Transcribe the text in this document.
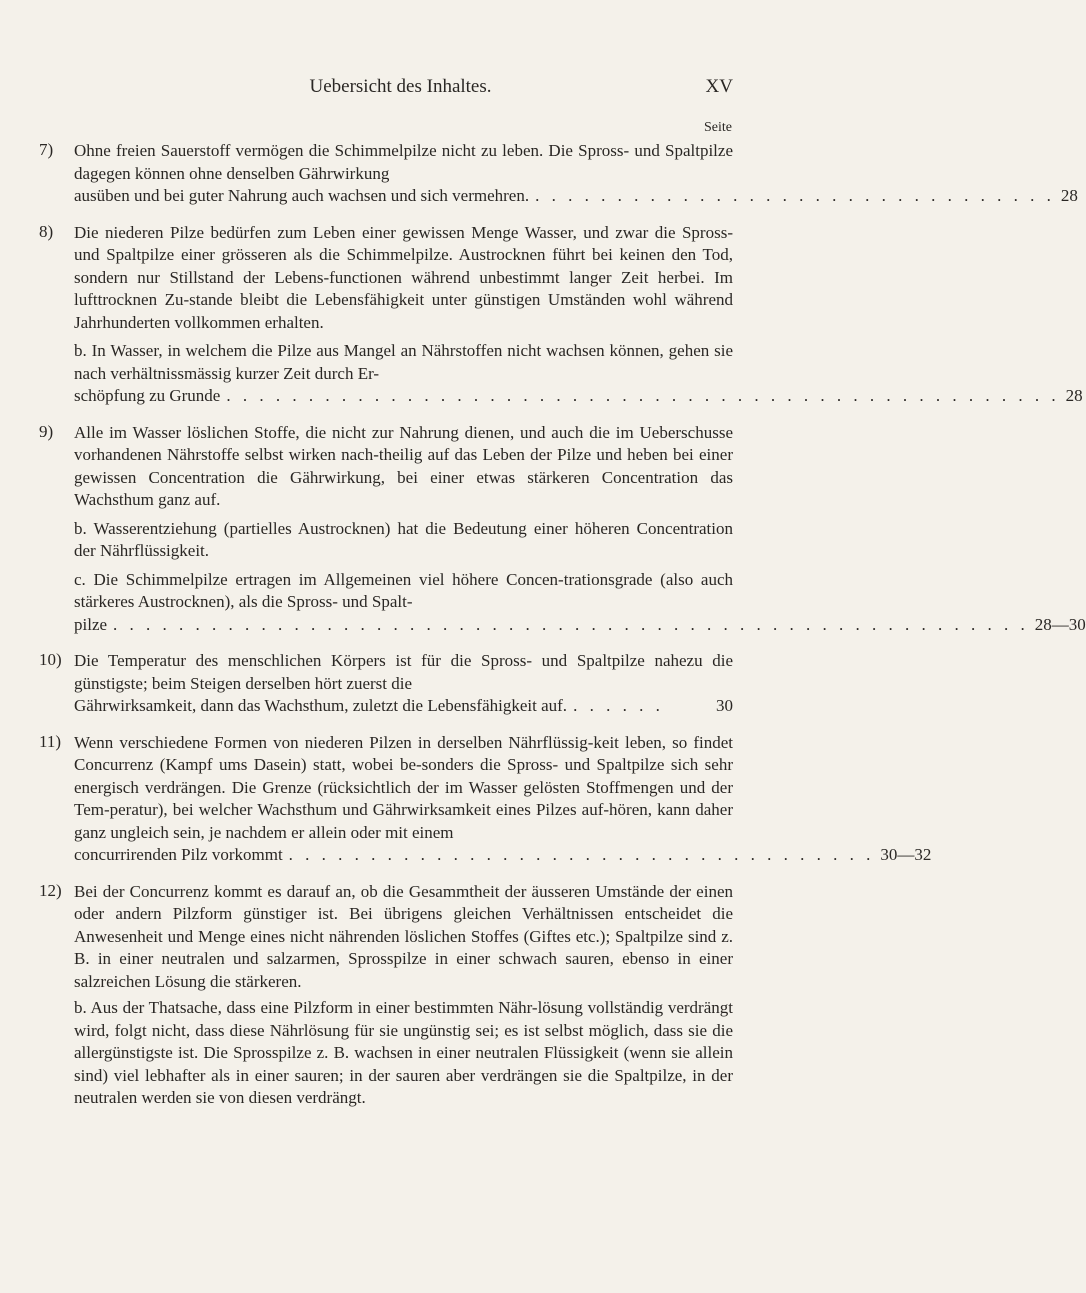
Uebersicht des Inhaltes.	XV
Seite
7) Ohne freien Sauerstoff vermögen die Schimmelpilze nicht zu leben. Die Spross- und Spaltpilze dagegen können ohne denselben Gährwirkung
ausüben und bei guter Nahrung auch wachsen und sich vermehren. . . . . . . . . . . . . . . . . . . . . . . . . . . . . . . . . 28
8) Die niederen Pilze bedürfen zum Leben einer gewissen Menge Wasser, und zwar die Spross- und Spaltpilze einer grösseren als die Schimmelpilze. Austrocknen führt bei keinen den Tod, sondern nur Stillstand der Lebens-functionen während unbestimmt langer Zeit herbei. Im lufttrocknen Zu-stande bleibt die Lebensfähigkeit unter günstigen Umständen wohl während Jahrhunderten vollkommen erhalten.
b. In Wasser, in welchem die Pilze aus Mangel an Nährstoffen nicht wachsen können, gehen sie nach verhältnissmässig kurzer Zeit durch Er-
schöpfung zu Grunde . . . . . . . . . . . . . . . . . . . . . . . . . . . . . . . . . . . . . . . . . . . . . . . . . . . 28
9) Alle im Wasser löslichen Stoffe, die nicht zur Nahrung dienen, und auch die im Ueberschusse vorhandenen Nährstoffe selbst wirken nach-theilig auf das Leben der Pilze und heben bei einer gewissen Concentration die Gährwirkung, bei einer etwas stärkeren Concentration das Wachsthum ganz auf.
b. Wasserentziehung (partielles Austrocknen) hat die Bedeutung einer höheren Concentration der Nährflüssigkeit.
c. Die Schimmelpilze ertragen im Allgemeinen viel höhere Concen-trationsgrade (also auch stärkeres Austrocknen), als die Spross- und Spalt-
pilze . . . . . . . . . . . . . . . . . . . . . . . . . . . . . . . . . . . . . . . . . . . . . . . . . . . . . . . . 28—30
10) Die Temperatur des menschlichen Körpers ist für die Spross- und Spaltpilze nahezu die günstigste; beim Steigen derselben hört zuerst die
Gährwirksamkeit, dann das Wachsthum, zuletzt die Lebensfähigkeit auf. . . . . . .	30
11) Wenn verschiedene Formen von niederen Pilzen in derselben Nährflüssig-keit leben, so findet Concurrenz (Kampf ums Dasein) statt, wobei be-sonders die Spross- und Spaltpilze sich sehr energisch verdrängen. Die Grenze (rücksichtlich der im Wasser gelösten Stoffmengen und der Tem-peratur), bei welcher Wachsthum und Gährwirksamkeit eines Pilzes auf-hören, kann daher ganz ungleich sein, je nachdem er allein oder mit einem
concurrirenden Pilz vorkommt . . . . . . . . . . . . . . . . . . . . . . . . . . . . . . . . . . . . 30—32
12) Bei der Concurrenz kommt es darauf an, ob die Gesammtheit der äusseren Umstände der einen oder andern Pilzform günstiger ist. Bei übrigens gleichen Verhältnissen entscheidet die Anwesenheit und Menge eines nicht nährenden löslichen Stoffes (Giftes etc.); Spaltpilze sind z. B. in einer neutralen und salzarmen, Sprosspilze in einer schwach sauren, ebenso in einer salzreichen Lösung die stärkeren.
b. Aus der Thatsache, dass eine Pilzform in einer bestimmten Nähr-lösung vollständig verdrängt wird, folgt nicht, dass diese Nährlösung für sie ungünstig sei; es ist selbst möglich, dass sie die allergünstigste ist. Die Sprosspilze z. B. wachsen in einer neutralen Flüssigkeit (wenn sie allein sind) viel lebhafter als in einer sauren; in der sauren aber verdrängen sie die Spaltpilze, in der neutralen werden sie von diesen verdrängt.
